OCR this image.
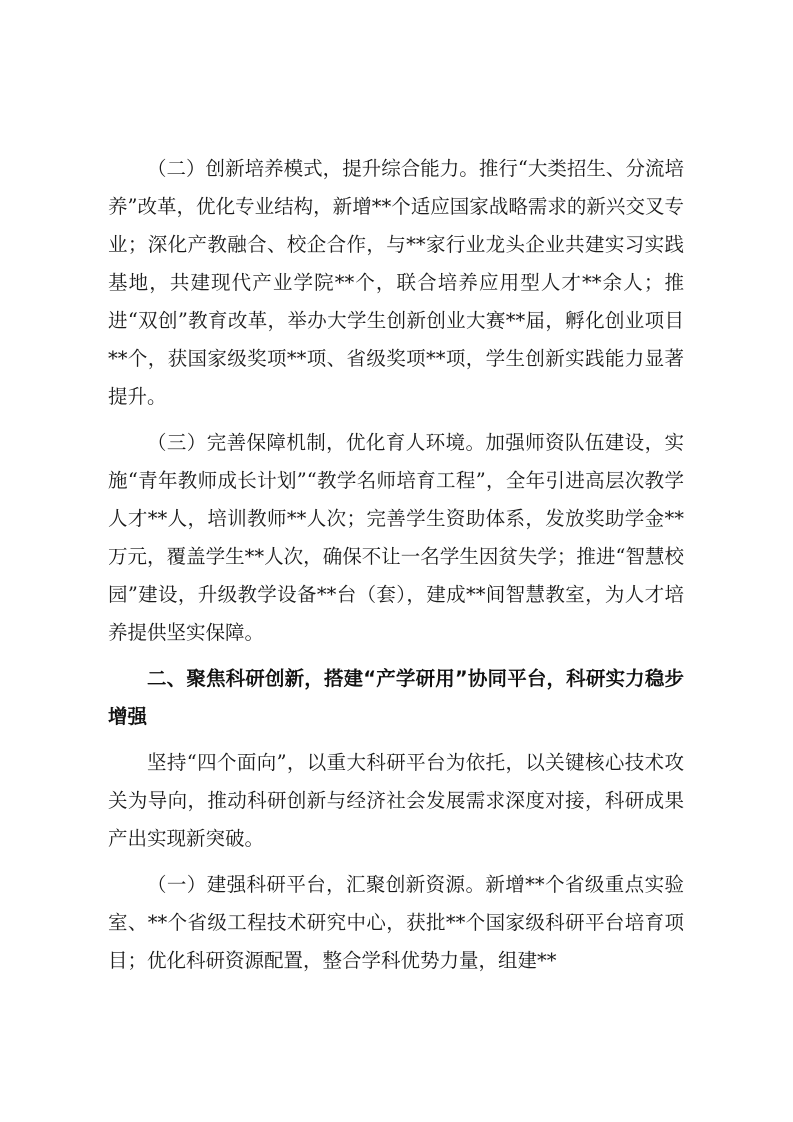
（二）创新培养模式，提升综合能力。推行“大类招生、分流培养”改革，优化专业结构，新增**个适应国家战略需求的新兴交叉专业；深化产教融合、校企合作，与**家行业龙头企业共建实习实践基地，共建现代产业学院**个，联合培养应用型人才**余人；推进“双创”教育改革，举办大学生创新创业大赛**届，孵化创业项目**个，获国家级奖项**项、省级奖项**项，学生创新实践能力显著提升。

（三）完善保障机制，优化育人环境。加强师资队伍建设，实施“青年教师成长计划”“教学名师培育工程”，全年引进高层次教学人才**人，培训教师**人次；完善学生资助体系，发放奖助学金**万元，覆盖学生**人次，确保不让一名学生因贫失学；推进“智慧校园”建设，升级教学设备**台（套），建成**间智慧教室，为人才培养提供坚实保障。

二、聚焦科研创新，搭建“产学研用”协同平台，科研实力稳步增强

坚持“四个面向”，以重大科研平台为依托，以关键核心技术攻关为导向，推动科研创新与经济社会发展需求深度对接，科研成果产出实现新突破。

（一）建强科研平台，汇聚创新资源。新增**个省级重点实验室、**个省级工程技术研究中心，获批**个国家级科研平台培育项目；优化科研资源配置，整合学科优势力量，组建**
